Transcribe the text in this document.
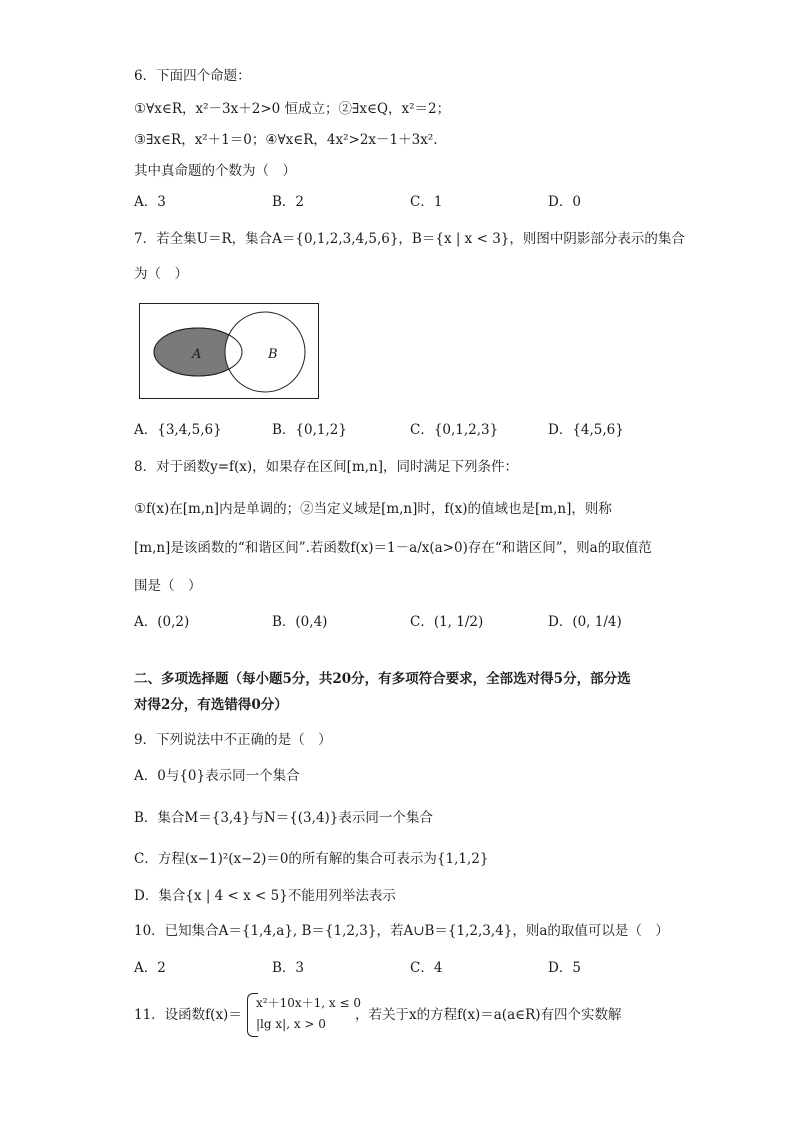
6．下面四个命题：
①∀x∈R，x²－3x＋2>0 恒成立；②∃x∈Q，x²＝2；
③∃x∈R，x²＋1＝0；④∀x∈R，4x²>2x－1＋3x².
其中真命题的个数为（　）
A．3	B．2	C．1	D．0
7．若全集U＝R，集合A＝{0,1,2,3,4,5,6}，B＝{x | x < 3}，则图中阴影部分表示的集合
为（　）
A	B
A．{3,4,5,6}	B．{0,1,2}	C．{0,1,2,3}	D．{4,5,6}
8．对于函数y=f(x)，如果存在区间[m,n]，同时满足下列条件：
①f(x)在[m,n]内是单调的；②当定义域是[m,n]时，f(x)的值域也是[m,n]，则称
[m,n]是该函数的“和谐区间”.若函数f(x)＝1－a/x(a>0)存在“和谐区间”，则a的取值范
围是（　）
A．(0,2)	B．(0,4)	C．(1, 1/2)	D．(0, 1/4)
二、多项选择题（每小题5分，共20分，有多项符合要求，全部选对得5分，部分选
对得2分，有选错得0分）
9．下列说法中不正确的是（　）
A．0与{0}表示同一个集合
B．集合M＝{3,4}与N＝{(3,4)}表示同一个集合
C．方程(x−1)²(x−2)＝0的所有解的集合可表示为{1,1,2}
D．集合{x | 4 < x < 5}不能用列举法表示
10．已知集合A＝{1,4,a}, B＝{1,2,3}，若A∪B＝{1,2,3,4}，则a的取值可以是（　）
A．2	B．3	C．4	D．5
11．设函数f(x)＝
x²＋10x＋1, x ≤ 0
|lg x|, x > 0
，若关于x的方程f(x)＝a(a∈R)有四个实数解
